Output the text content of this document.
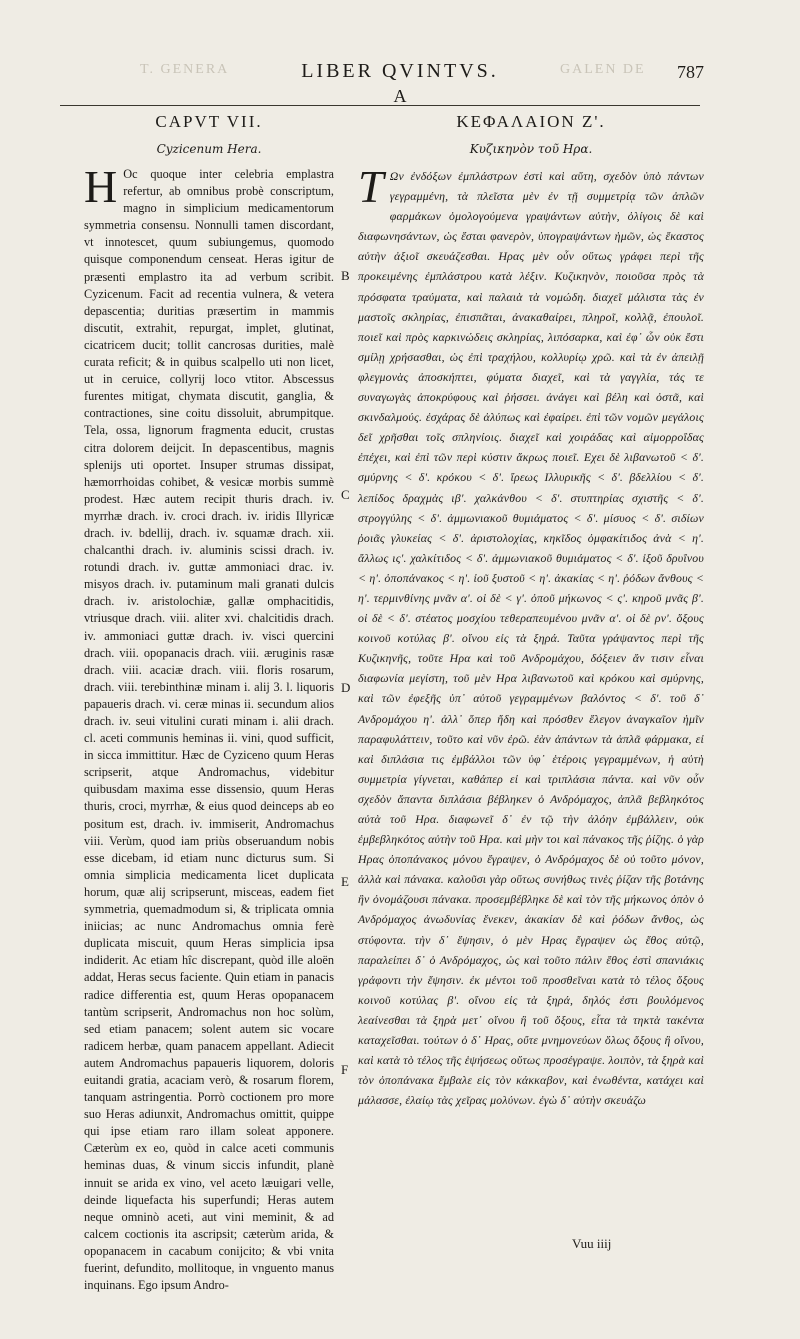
T. GENERA	GALEN DE
LIBER QVINTVS.	787
A
CAPVT VII.
Cyzicenum Hera.

H Oc quoque inter celebria emplastra refertur, ab omnibus probè conscriptum, magno in simplicium medicamentorum symmetria consensu. Nonnulli tamen discordant, vt innotescet, quum subiungemus, quomodo quisque componendum censeat. Heras igitur de præsenti emplastro ita ad verbum scribit. Cyzicenum. Facit ad recentia vulnera, & vetera depascentia; duritias præsertim in mammis discutit, extrahit, repurgat, implet, glutinat, cicatricem ducit; tollit cancrosas durities, malè curata reficit; & in quibus scalpello uti non licet, ut in ceruice, collyrij loco vtitor. Abscessus furentes mitigat, chymata discutit, ganglia, & contractiones, sine coitu dissoluit, abrumpitque. Tela, ossa, lignorum fragmenta educit, crustas citra dolorem deijcit. In depascentibus, magnis splenijs uti oportet. Insuper strumas dissipat, hæmorrhoidas cohibet, & vesicæ morbis summè prodest. Hæc autem recipit thuris drach. iv. myrrhæ drach. iv. croci drach. iv. iridis Illyricæ drach. iv. bdellij, drach. iv. squamæ drach. xii. chalcanthi drach. iv. aluminis scissi drach. iv. rotundi drach. iv. guttæ ammoniaci drac. iv. misyos drach. iv. putaminum mali granati dulcis drach. iv. aristolochiæ, gallæ omphacitidis, vtriusque drach. viii. aliter xvi. chalcitidis drach. iv. ammoniaci guttæ drach. iv. visci quercini drach. viii. opopanacis drach. viii. æruginis rasæ drach. viii. acaciæ drach. viii. floris rosarum, drach. viii. terebinthinæ minam i. alij 3. l. liquoris papaueris drach. vi. ceræ minas ii. secundum alios drach. iv. seui vitulini curati minam i. alii drach. cl. aceti communis heminas ii. vini, quod sufficit, in sicca immittitur. Hæc de Cyziceno quum Heras scripserit, atque Andromachus, videbitur quibusdam maxima esse dissensio, quum Heras thuris, croci, myrrhæ, & eius quod deinceps ab eo positum est, drach. iv. immiserit, Andromachus viii. Verùm, quod iam priùs obseruandum nobis esse dicebam, id etiam nunc dicturus sum. Si omnia simplicia medicamenta licet duplicata horum, quæ alij scripserunt, misceas, eadem fiet symmetria, quemadmodum si, & triplicata omnia iniicias; ac nunc Andromachus omnia ferè duplicata miscuit, quum Heras simplicia ipsa indiderit. Ac etiam hîc discrepant, quòd ille aloën addat, Heras secus faciente. Quin etiam in panacis radice differentia est, quum Heras opopanacem tantùm scripserit, Andromachus non hoc solùm, sed etiam panacem; solent autem sic vocare radicem herbæ, quam panacem appellant. Adiecit autem Andromachus papaueris liquorem, doloris euitandi gratia, acaciam verò, & rosarum florem, tanquam astringentia. Porrò coctionem pro more suo Heras adiunxit, Andromachus omittit, quippe qui ipse etiam raro illam soleat apponere. Cæterùm ex eo, quòd in calce aceti communis heminas duas, & vinum siccis infundit, planè innuit se arida ex vino, vel aceto læuigari velle, deinde liquefacta his superfundi; Heras autem neque omninò aceti, aut vini meminit, & ad calcem coctionis ita ascripsit; cæterùm arida, & opopanacem in cacabum conijcito; & vbi vnita fuerint, defundito, mollitoque, in vnguento manus inquinans. Ego ipsum Andro-

ΚΕΦΑΛΑΙΟΝ Ζ'.
Κυζικηνὸν τοῦ Ηρα.

Τ Ων ἐνδόξων ἐμπλάστρων ἐστὶ καὶ αὕτη, σχεδὸν ὑπὸ πάντων γεγραμμένη, τὰ πλεῖστα μὲν ἐν τῇ συμμετρίᾳ τῶν ἁπλῶν φαρμάκων ὁμολογούμενα γραψάντων αὐτὴν, ὀλίγοις δὲ καὶ διαφωνησάντων, ὡς ἔσται φανερὸν, ὑπογραψάντων ἡμῶν, ὡς ἕκαστος αὐτὴν ἀξιοῖ σκευάζεσθαι. Ηρας μὲν οὖν οὕτως γράφει περὶ τῆς προκειμένης ἐμπλάστρου κατὰ λέξιν. Κυζικηνὸν, ποιοῦσα πρὸς τὰ πρόσφατα τραύματα, καὶ παλαιὰ τὰ νομώδη. διαχεῖ μάλιστα τὰς ἐν μαστοῖς σκληρίας, ἐπισπᾶται, ἀνακαθαίρει, πληροῖ, κολλᾷ, ἐπουλοῖ. ποιεῖ καὶ πρὸς καρκινώδεις σκληρίας, λιπόσαρκα, καὶ ἐφ᾽ ὧν οὐκ ἔστι σμίλῃ χρήσασθαι, ὡς ἐπὶ τραχήλου, κολλυρίῳ χρῶ. καὶ τὰ ἐν ἀπειλῇ φλεγμονὰς ἀποσκήπτει, φύματα διαχεῖ, καὶ τὰ γαγγλία, τάς τε συναγωγὰς ἀποκρύφους καὶ ῥήσσει. ἀνάγει καὶ βέλη καὶ ὀστᾶ, καὶ σκινδαλμούς. ἐσχάρας δὲ ἀλύπως καὶ ἐφαίρει. ἐπὶ τῶν νομῶν μεγάλοις δεῖ χρῆσθαι τοῖς σπληνίοις. διαχεῖ καὶ χοιράδας καὶ αἱμορροΐδας ἐπέχει, καὶ ἐπὶ τῶν περὶ κύστιν ἄκρως ποιεῖ. Εχει δὲ λιβανωτοῦ < δ'. σμύρνης < δ'. κρόκου < δ'. ἴρεως Ιλλυρικῆς < δ'. βδελλίου < δ'. λεπίδος δραχμὰς ιβ'. χαλκάνθου < δ'. στυπτηρίας σχιστῆς < δ'. στρογγύλης < δ'. ἀμμωνιακοῦ θυμιάματος < δ'. μίσυος < δ'. σιδίων ῥοιᾶς γλυκείας < δ'. ἀριστολοχίας, κηκῖδος ὀμφακίτιδος ἀνὰ < η'. ἄλλως ις'. χαλκίτιδος < δ'. ἀμμωνιακοῦ θυμιάματος < δ'. ἰξοῦ δρυΐνου < η'. ὀποπάνακος < η'. ἰοῦ ξυστοῦ < η'. ἀκακίας < η'. ῥόδων ἄνθους < η'. τερμινθίνης μνᾶν α'. οἱ δὲ < γ'. ὀποῦ μήκωνος < ς'. κηροῦ μνᾶς β'. οἱ δὲ < δ'. στέατος μοσχίου τεθεραπευμένου μνᾶν α'. οἱ δὲ ρν'. ὄξους κοινοῦ κοτύλας β'. οἴνου εἰς τὰ ξηρά. Ταῦτα γράψαντος περὶ τῆς Κυζικηνῆς, τοῦτε Ηρα καὶ τοῦ Ανδρομάχου, δόξειεν ἄν τισιν εἶναι διαφωνία μεγίστη, τοῦ μὲν Ηρα λιβανωτοῦ καὶ κρόκου καὶ σμύρνης, καὶ τῶν ἐφεξῆς ὑπ᾽ αὐτοῦ γεγραμμένων βαλόντος < δ'. τοῦ δ᾽ Ανδρομάχου η'. ἀλλ᾽ ὅπερ ἤδη καὶ πρόσθεν ἔλεγον ἀναγκαῖον ἡμῖν παραφυλάττειν, τοῦτο καὶ νῦν ἐρῶ. ἐὰν ἁπάντων τὰ ἁπλᾶ φάρμακα, εἰ καὶ διπλάσια τις ἐμβάλλοι τῶν ὑφ᾽ ἑτέροις γεγραμμένων, ἡ αὐτὴ συμμετρία γίγνεται, καθάπερ εἰ καὶ τριπλάσια πάντα. καὶ νῦν οὖν σχεδὸν ἅπαντα διπλάσια βέβληκεν ὁ Ανδρόμαχος, ἁπλᾶ βεβληκότος αὐτὰ τοῦ Ηρα. διαφωνεῖ δ᾽ ἐν τῷ τὴν ἀλόην ἐμβάλλειν, οὐκ ἐμβεβληκότος αὐτὴν τοῦ Ηρα. καὶ μὴν τοι καὶ πάνακος τῆς ῥίζης. ὁ γὰρ Ηρας ὀποπάνακος μόνου ἔγραψεν, ὁ Ανδρόμαχος δὲ οὐ τοῦτο μόνον, ἀλλὰ καὶ πάνακα. καλοῦσι γὰρ οὕτως συνήθως τινὲς ῥίζαν τῆς βοτάνης ἣν ὀνομάζουσι πάνακα. προσεμβέβληκε δὲ καὶ τὸν τῆς μήκωνος ὀπὸν ὁ Ανδρόμαχος ἀνωδυνίας ἕνεκεν, ἀκακίαν δὲ καὶ ῥόδων ἄνθος, ὡς στύφοντα. τὴν δ᾽ ἕψησιν, ὁ μὲν Ηρας ἔγραψεν ὡς ἔθος αὐτῷ, παραλείπει δ᾽ ὁ Ανδρόμαχος, ὡς καὶ τοῦτο πάλιν ἔθος ἐστὶ σπανιάκις γράφοντι τὴν ἕψησιν. ἐκ μέντοι τοῦ προσθεῖναι κατὰ τὸ τέλος ὄξους κοινοῦ κοτύλας β'. οἴνου εἰς τὰ ξηρά, δηλός ἐστι βουλόμενος λεαίνεσθαι τὰ ξηρὰ μετ᾽ οἴνου ἢ τοῦ ὄξους, εἶτα τὰ τηκτὰ τακέντα καταχεῖσθαι. τούτων ὁ δ᾽ Ηρας, οὔτε μνημονεύων ὅλως ὄξους ἢ οἴνου, καὶ κατὰ τὸ τέλος τῆς ἑψήσεως οὕτως προσέγραψε. λοιπὸν, τὰ ξηρὰ καὶ τὸν ὀποπάνακα ἔμβαλε εἰς τὸν κάκκαβον, καὶ ἑνωθέντα, κατάχει καὶ μάλασσε, ἐλαίῳ τὰς χεῖρας μολύνων. ἐγὼ δ᾽ αὐτὴν σκευάζω

B
C
D
E
F
Vuu iiij
